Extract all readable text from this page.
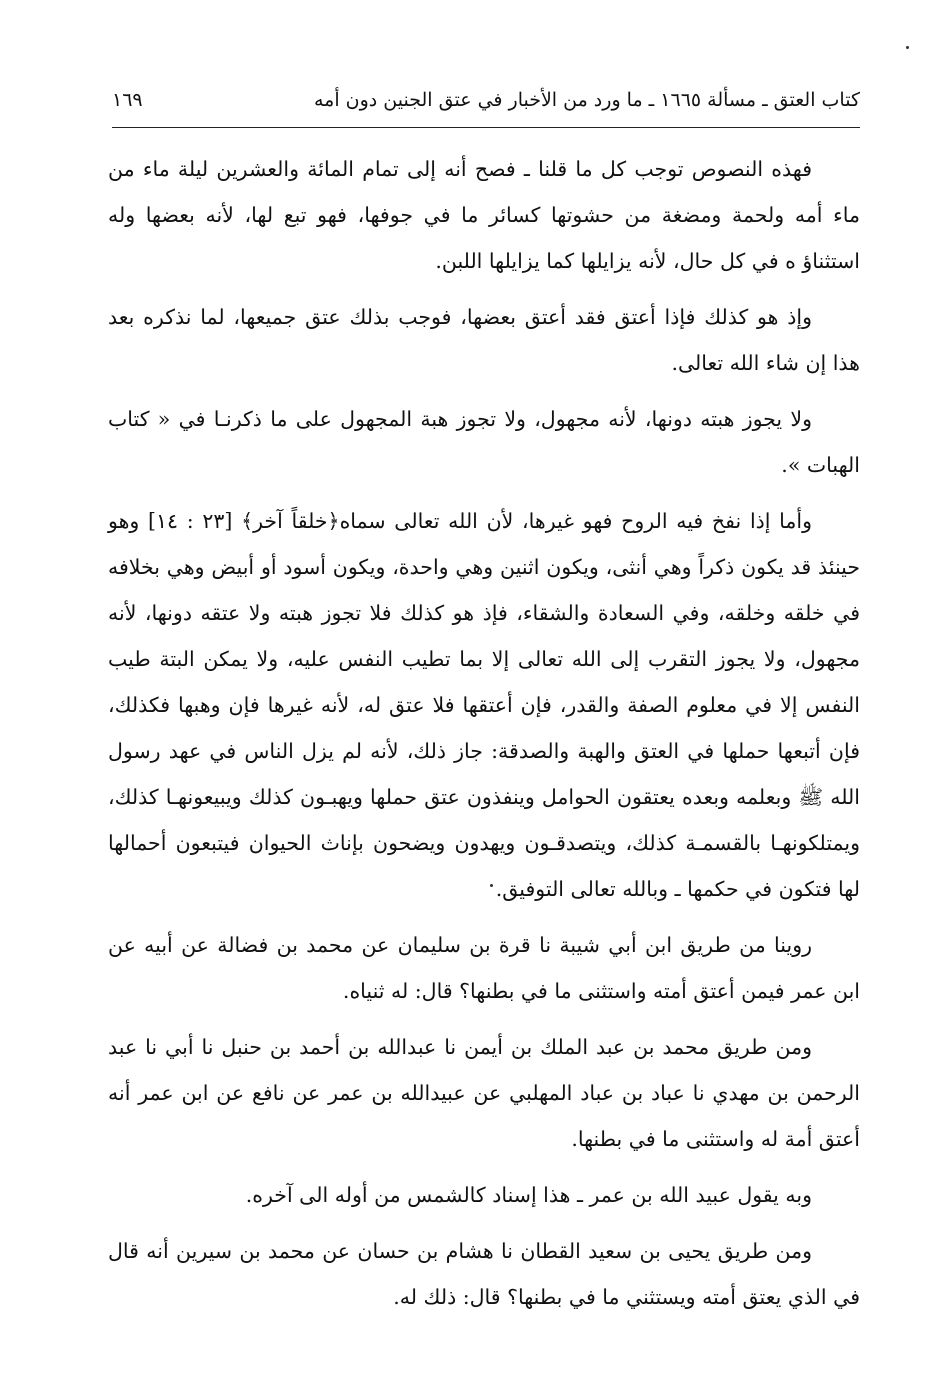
كتاب العتق ـ مسألة ١٦٦٥ ـ ما ورد من الأخبار في عتق الجنين دون أمه
١٦٩

فهذه النصوص توجب كل ما قلنا ـ فصح أنه إلى تمام المائة والعشرين ليلة ماء من ماء أمه ولحمة ومضغة من حشوتها كسائر ما في جوفها، فهو تبع لها، لأنه بعضها وله استثناؤ ه في كل حال، لأنه يزايلها كما يزايلها اللبن.

وإذ هو كذلك فإذا أعتق فقد أعتق بعضها، فوجب بذلك عتق جميعها، لما نذكره بعد هذا إن شاء الله تعالى.

ولا يجوز هبته دونها، لأنه مجهول، ولا تجوز هبة المجهول على ما ذكرنـا في « كتاب الهبات ».

وأما إذا نفخ فيه الروح فهو غيرها، لأن الله تعالى سماه﴿خلقاً آخر﴾ [٢٣ : ١٤] وهو حينئذ قد يكون ذكراً وهي أنثى، ويكون اثنين وهي واحدة، ويكون أسود أو أبيض وهي بخلافه في خلقه وخلقه، وفي السعادة والشقاء، فإذ هو كذلك فلا تجوز هبته ولا عتقه دونها، لأنه مجهول، ولا يجوز التقرب إلى الله تعالى إلا بما تطيب النفس عليه، ولا يمكن البتة طيب النفس إلا في معلوم الصفة والقدر، فإن أعتقها فلا عتق له، لأنه غيرها فإن وهبها فكذلك، فإن أتبعها حملها في العتق والهبة والصدقة: جاز ذلك، لأنه لم يزل الناس في عهد رسول الله ﷺ وبعلمه وبعده يعتقون الحوامل وينفذون عتق حملها ويهبـون كذلك ويبيعونهـا كذلك، ويمتلكونهـا بالقسمـة كذلك، ويتصدقـون ويهدون ويضحون بإناث الحيوان فيتبعون أحمالها لها فتكون في حكمها ـ وبالله تعالى التوفيق.

روينا من طريق ابن أبي شيبة نا قرة بن سليمان عن محمد بن فضالة عن أبيه عن ابن عمر فيمن أعتق أمته واستثنى ما في بطنها؟ قال: له ثنياه.

ومن طريق محمد بن عبد الملك بن أيمن نا عبدالله بن أحمد بن حنبل نا أبي نا عبد الرحمن بن مهدي نا عباد بن عباد المهلبي عن عبيدالله بن عمر عن نافع عن ابن عمر أنه أعتق أمة له واستثنى ما في بطنها.

وبه يقول عبيد الله بن عمر ـ هذا إسناد كالشمس من أوله الى آخره.

ومن طريق يحيى بن سعيد القطان نا هشام بن حسان عن محمد بن سيرين أنه قال في الذي يعتق أمته ويستثني ما في بطنها؟ قال: ذلك له.
